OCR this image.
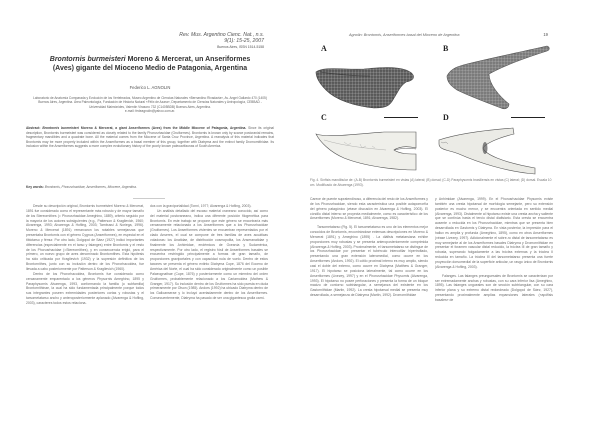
Rev. Mus. Argentino Cienc. Nat., n.s.
9(1): 15-25, 2007
Buenos Aires, ISSN 1514-5158
Brontornis burmeisteri Moreno & Mercerat, un Anseriformes
(Aves) gigante del Mioceno Medio de Patagonia, Argentina
Federico L. AGNOLIN
Laboratorio de Anatomía Comparada y Evolución de los Vertebrados, Museo Argentino de Ciencias Naturales «Bernardino Rivadavia», Av. Angel Gallardo 470 (1405) Buenos Aires, Argentina. Área Paleontología, Fundación de Historia Natural «Félix de Azara», Departamento de Ciencias Naturales y Antropología, CEBBAD - Universidad Maimónides, Valentín Virasoro 732 (C1405BDB) Buenos Aires, Argentina.
e-mail: fedeagnolin@yahoo.com.ar.
Abstract: Brontornis burmeisteri Moreno & Mercerat, a giant Anseriformes (Aves) from the Middle Miocene of Patagonia, Argentina. Since its original description, Brontornis burmeisteri was considered as closely related to the family Phorusrhacidae (Gruiformes). Brontornis is known only by scarce postcranial remains, fragmentary mandibles and a quadrate bone. All the material comes from the Miocene of Santa Cruz Province, Argentina. A reanalysis of this material indicates that Brontornis may be more properly included within the Anseriformes as a basal member of this group, together with Diatryma and the extinct family Dromornithidae. Its inclusion within the Anseriformes suggests a more complex evolutionary history of the poorly known paleoavifaunas of South America.
Key words: Brontornis, Phorusrhacidae, Anseriformes, Miocene, Argentina.

Desde su descripción original, Brontornis burmeisteri Moreno & Mercerat, 1891 fue considerado como el representante más robusto y de mayor tamaño de los Stereornithes (= Phorusrhacidae Ameghino, 1889), criterio seguido por la mayoría de los autores subsiguientes (e.g., Patterson & Kraglievich, 1960; Alvarenga, 1993; Alvarenga & Hofling, 2003; Tambussi & Noriega, 1996). Moreno & Mercerat (1891) remarcaron los notables semejanzas que presentaba Brontornis con el género Cygnus (Anseriformes), en especial en el tibiotarso y fémur. Por otro lado, Dolgopol de Sáez (1927) indicó importantes diferencias (especialmente en el tarso y falanges) entre Brontornis y el resto de los Phorusrhacidae (=Stereornithes), y en consecuencia erigió, para el primero, un nuevo grupo de aves denominado Brontornithes. Esta hipótesis ha sido criticada por Kraglievich (1932) y la supresión definitiva de los Brontornithes, junto con su inclusión dentro de los Phororhacoidea, fue llevada a cabo posteriormente por Patterson & Kraglievich (1960).

Dentro de los Phororhacoidea, Brontornis fue considerado como cercanamente emparentado a los géneros Physornis Ameghino, 1895 y Paraphysornis Alvarenga, 1993, conformando la familia (o subfamilia) Brontornithinae, la cual ha sido fundamentada principalmente porque todos sus integrantes poseen extremidades posteriores cortas y robustas y el tarsometatarso ancho y anteroposteriormente aplanado (Alvarenga & Hofling, 2003), caracteres todos estos relaciona-

dos con la graviportalidad (Tonni, 1977; Alvarenga & Hofling, 2003).

Un análisis detallado del escaso material craneano conocido, así como del material postcraneano, indica una diferente posición filogenética para Brontornis. En este trabajo se propone que este género se encontraría más cercanamente relacionado a los Anseriformes que a los Phorusrhacidae (Gruiformes). Los Anseriformes vivientes se encuentran representados por el clado Anseres, el cual se compone de tres familias de aves acuáticas voladoras: los Anatidae, de distribución cosmopolita, los Anseranatidae y finalmente los Anhimidae, endémicos de Oceanía y Sudamérica, respectivamente. Por otro lado, el registro fósil de Anseriformes basales se encuentra restringido principalmente a formas de gran tamaño, de proporciones graviportales y con capacidad nula de vuelo. Dentro de estos taxones se presenta el género extinto Diatryma Cope, 1876 del Eoceno de América del Norte, el cual ha sido considerado originalmente como un posible Palaeognathae (Cope, 1876) y posteriormente como un miembro del orden Gruiformes, probablemente relacionado a los Cariamoidea (Mathew & Granger, 1917). Su inclusión dentro de los Gruiformes ha sido puesta en duda primeramente por Olson (1985). Andors (1992) ha ubicado Diatryma dentro de los Galloanserae y lo incluyó acertadamente dentro de los Anseriformes. Consecuentemente, Diatryma ha pasado de ser una gigantesca grulla carni-

Agnolin: Brontornis, Anseriformes basal del Mioceno de Argentina	19
A	B
C	D
Fig. 4. Sínfisis mandibular de: (A-B) Brontornis burmeisteri en vistas (A) lateral; (B) dorsal; (C-D) Paraphysornis brasiliensis en vistas (C) lateral; (D) dorsal. Escala 10 cm. Modificado de Alvarenga (1993).

Carece de puente supratendinoso, a diferencia del resto de los Anseriformes y de los Phorusrhacidae, siendo esta característica una posible autapomorfía del género patagónico (véase discusión en Alvarenga & Hofling, 2003). El cóndilo distal interno se proyecta medialmente, como es característico de los Anseriformes (Moreno & Mercerat, 1891; Alvarenga, 1982).

Tarsometatarso (Fig. 5). El tarsometatarso es uno de los elementos mejor conocidos de Brontornis, encontrándose extensas descripciones en Moreno & Mercerat (1891) y Ameghino (1895) . La diáfisis metatarsiana exhibe proporciones muy robustas y se presenta anteroposteriormente comprimida (Alvarenga & Hofling, 2003). Proximalmente, el tarsometatarso se distingue de los Phorusrhacidae por presentar el tubérculo intercotilar hipertrofiado, presentando una gran extensión lateromedial, como ocurre en los Anseriformes (Andors, 1992). El cótilo proximal interno es muy amplio, siendo casi el doble del externo, como ocurre en Diatryma (Matthew & Granger, 1917). El hipotarso se posiciona lateralmente, tal como ocurre en los Anseriformes (Livezey, 1997) y en el Phorusrhacidae Physornis (Alvarenga, 1993). El hipotarso no posee perforaciones y presenta la forma de un bloque macizo de contorno subtriangular, a semejanza del existente en los Gastornithidae (Martin, 1992). La cresta hipotarsal medial se presenta muy desarrollada, a semejanza de Diatryma (Martin, 1992). Dromornithidae

y Anhimidae (Alvarenga, 1999). En el Phorusrhacidae Physornis existe también una cresta hipotarsal de morfología semejante, pero su extensión posterior es mucho menor, y se encuentra orientada en sentido medial (Alvarenga, 1993). Distalmente al hipotarso existe una cresta ancha y saliente que se continúa hasta el tercio distal diafisiario. Esta cresta se encuentra ausente o reducida en los Phorusrhacidae, mientras que se presenta bien desarrollada en Gastornis y Diatryma. En vista posterior, la impresión para el hallux es amplia y profunda (Ameghino, 1895), como en otros Anseriformes (véase Livezey, 1997). Adicionalmente el sobre-ro distal de tarsometatarso es muy semejante al de los Anseriformes basales Diatryma y Dromornithidae en presentar el foramen vascular distal reducido, la tróclea III de gran tamaño y robusta, superando holgadamente a las tróclea externas y la tróclea II reducida en tamaño. La tróclea III del tarsometatarso presenta una fuerte proyección dorsomedial de la superficie articular, un rasgo único de Brontornis (Alvarenga & Hofling, 2003).

Falanges. Las falanges preunguesales de Brontornis se caracterizan por ser extremadamente anchas y robustas, con su cara inferior lisa (Ameghino, 1895). Las falanges ungueales son de sección subtriangular, con su cara inferior plana y su extremo distal redondeado (Dolgopol de Sáez, 1927), presentando proximalmente amplias expansiones laterales («apófisis basales» de
